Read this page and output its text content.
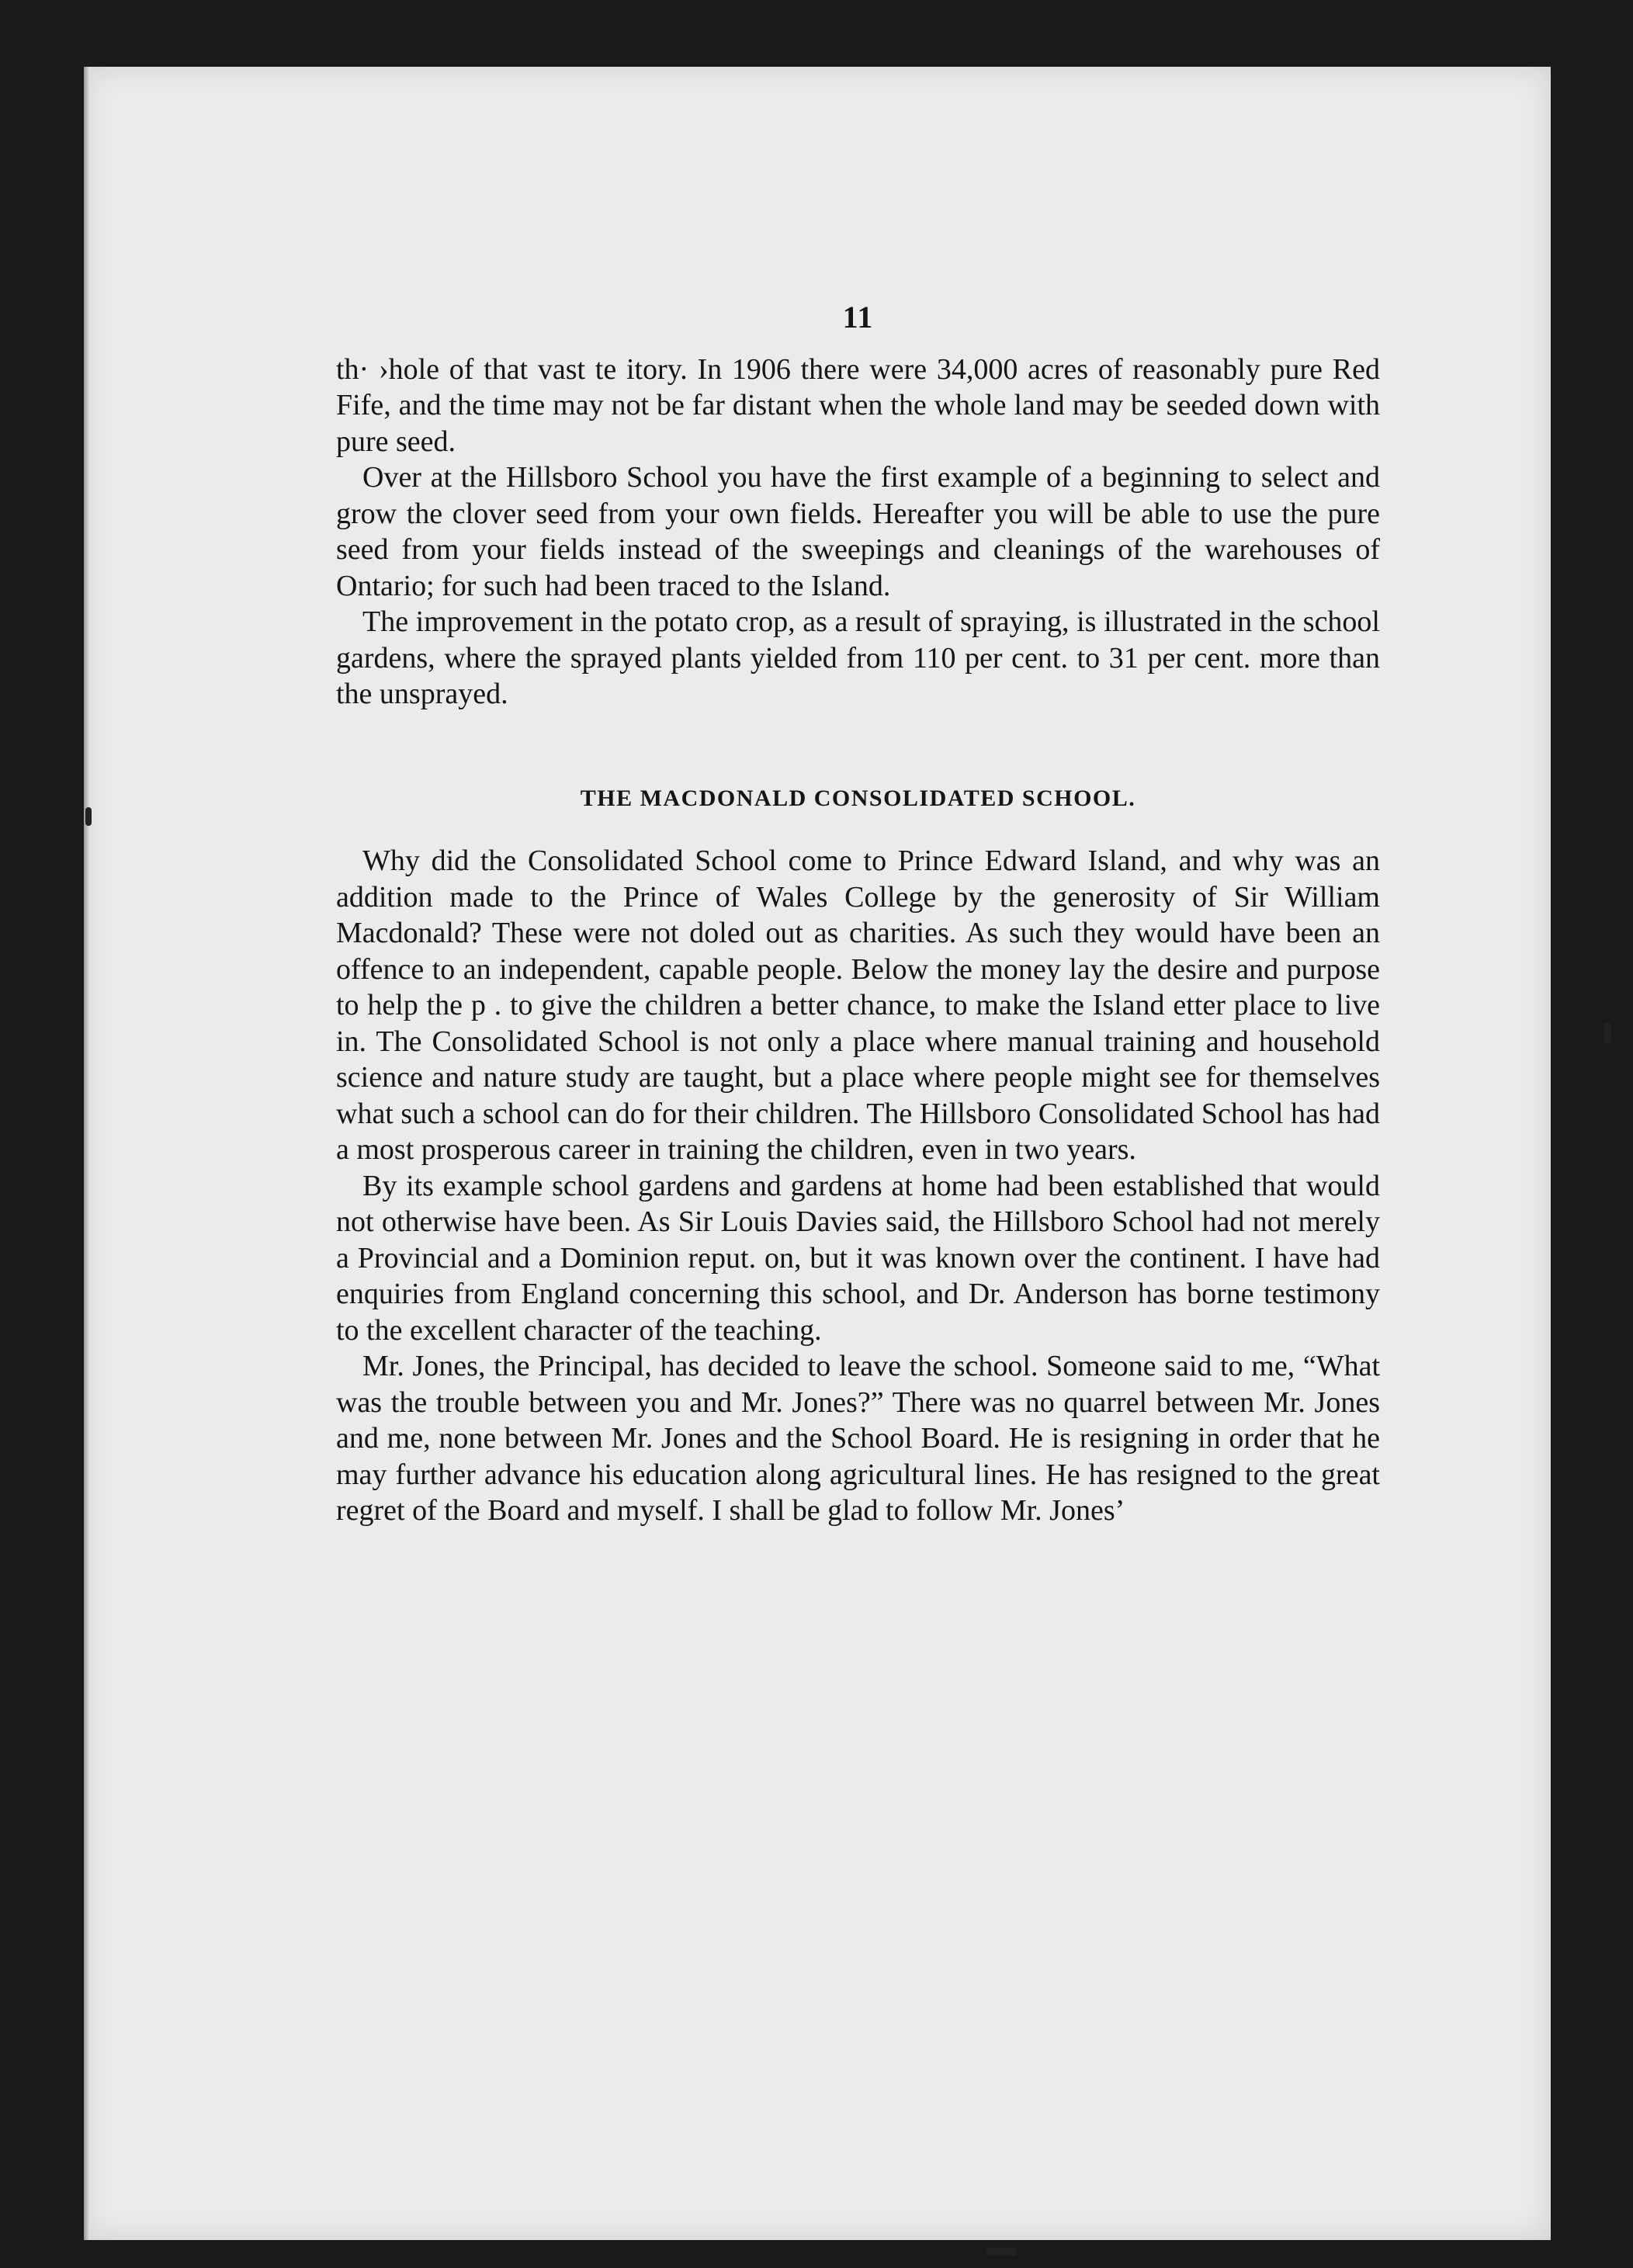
11

th· ›hole of that vast te itory. In 1906 there were 34,000 acres of reasonably pure Red Fife, and the time may not be far distant when the whole land may be seeded down with pure seed.

Over at the Hillsboro School you have the first example of a beginning to select and grow the clover seed from your own fields. Hereafter you will be able to use the pure seed from your fields instead of the sweepings and cleanings of the warehouses of Ontario; for such had been traced to the Island.

The improvement in the potato crop, as a result of spraying, is illustrated in the school gardens, where the sprayed plants yielded from 110 per cent. to 31 per cent. more than the unsprayed.

THE MACDONALD CONSOLIDATED SCHOOL.

Why did the Consolidated School come to Prince Edward Island, and why was an addition made to the Prince of Wales College by the generosity of Sir William Macdonald? These were not doled out as charities. As such they would have been an offence to an independent, capable people. Below the money lay the desire and purpose to help the p . to give the children a better chance, to make the Island etter place to live in. The Consolidated School is not only a place where manual training and household science and nature study are taught, but a place where people might see for themselves what such a school can do for their children. The Hillsboro Consolidated School has had a most prosperous career in training the children, even in two years.

By its example school gardens and gardens at home had been established that would not otherwise have been. As Sir Louis Davies said, the Hillsboro School had not merely a Provincial and a Dominion reput. on, but it was known over the continent. I have had enquiries from England concerning this school, and Dr. Anderson has borne testimony to the excellent character of the teaching.

Mr. Jones, the Principal, has decided to leave the school. Someone said to me, “What was the trouble between you and Mr. Jones?” There was no quarrel between Mr. Jones and me, none between Mr. Jones and the School Board. He is resigning in order that he may further advance his education along agricultural lines. He has resigned to the great regret of the Board and myself. I shall be glad to follow Mr. Jones’
